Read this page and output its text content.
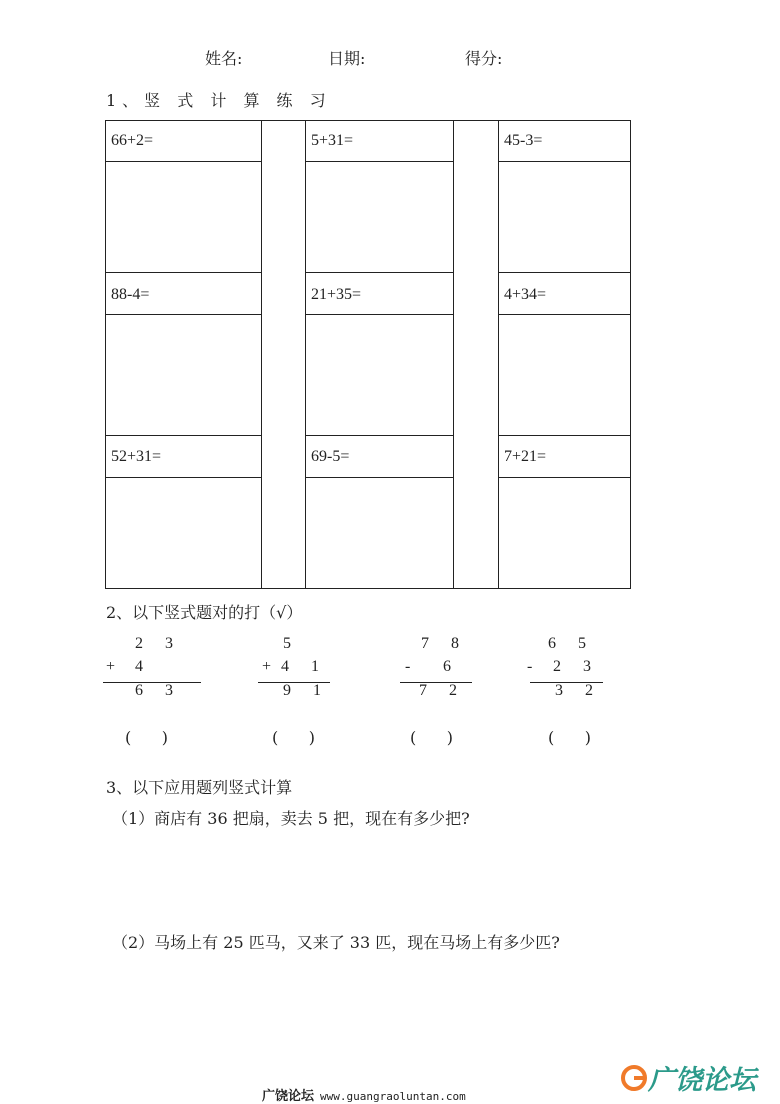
姓名:	日期:	得分:
1、竖 式 计 算 练 习
66+2=	5+31=	45-3=
88-4=	21+35=	4+34=
52+31=	69-5=	7+21=
2、以下竖式题对的打（√）
2 3
+ 4
6 3
(      )
5
+ 4 1
9 1
(      )
7 8
- 6
7 2
(      )
6 5
- 2 3
3 2
(      )
3、以下应用题列竖式计算
（1）商店有 36 把扇，卖去 5 把，现在有多少把?
（2）马场上有 25 匹马，又来了 33 匹，现在马场上有多少匹?
广饶论坛 www.guangraoluntan.com
广饶论坛
